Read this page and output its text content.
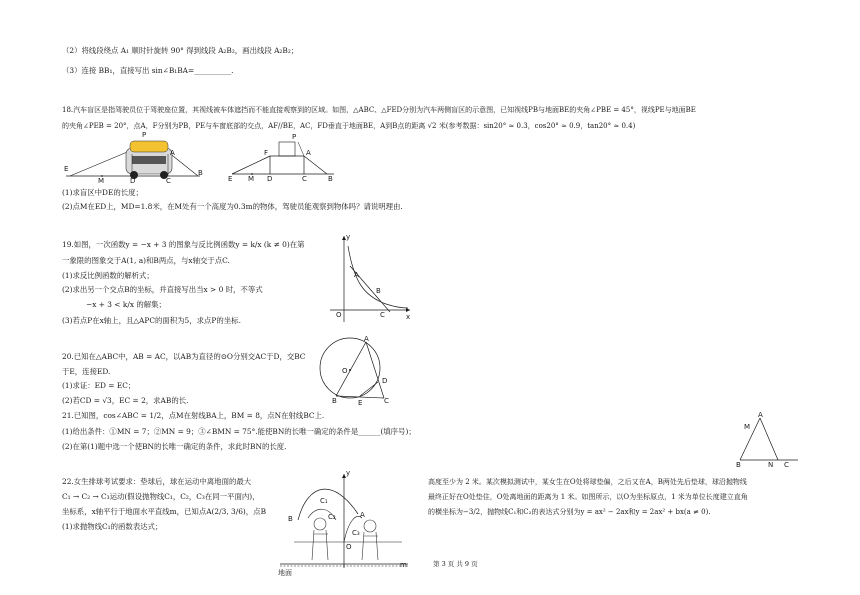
（2）将线段绕点 A₁ 顺时针旋转 90° 得到线段 A₂B₂，画出线段 A₂B₂；
（3）连接 BB₁，直接写出 sin∠B₁BA=__________.
18.汽车盲区是指驾驶员位于驾驶座位置，其视线被车体遮挡而不能直接观察到的区域。如图，△ABC、△FED分别为汽车两侧盲区的示意图，已知视线PB与地面BE的夹角∠PBE = 45°，视线PE与地面BE
的夹角∠PEB = 20°，点A，F分别为PB，PE与车窗底部的交点，AF//BE，AC，FD垂直于地面BE，A到B点的距离 √2 米(参考数据：sin20° ≈ 0.3，cos20° ≈ 0.9，tan20° ≈ 0.4)
E
M	D	C
B
A
P
E M D	C	B
F	A
P
(1)求盲区中DE的长度；
(2)点M在ED上，MD=1.8米，在M处有一个高度为0.3m的物体，驾驶员能观察到物体吗？请说明理由.
19.如图，一次函数y = −x + 3 的图象与反比例函数y = k/x (k ≠ 0)在第
一象限的图象交于A(1, a)和B两点，与x轴交于点C.
(1)求反比例函数的解析式；
(2)求出另一个交点B的坐标，并直接写出当x > 0 时，不等式
−x + 3 < k/x 的解集；
(3)若点P在x轴上，且△APC的面积为5，求点P的坐标.
y
x
O
A
B
C
20.已知在△ABC中，AB = AC，以AB为直径的⊙O分别交AC于D，交BC
于E，连接ED.
(1)求证：ED = EC；
(2)若CD = √3，EC = 2，求AB的长.
A
O
D
B	E	C
21.已知图，cos∠ABC = 1/2，点M在射线BA上，BM = 8，点N在射线BC上.
(1)给出条件：①MN = 7；②MN = 9；③∠BMN = 75°.能使BN的长唯一确定的条件是______(填序号)；
(2)在第(1)题中选一个使BN的长唯一确定的条件，求此时BN的长度.
A
M
B	N C
22.女生排球考试要求：垫球后，球在运动中离地面的最大
C₁ → C₂ → C₃运动(假设抛物线C₁，C₂，C₃在同一平面内)，
坐标系，x轴平行于地面水平直线m，已知点A(2/3, 3/6)，点B
(1)求抛物线C₁的函数表达式；
y
B	A
C₁
C₂
C₃
O
地面
m
高度至少为 2 米。某次模拟测试中，某女生在O处将球垫偏，之后又在A，B两处先后垫球，球沿抛物线
最终正好在O处垫住，O处离地面的距离为 1 米。如图所示，以O为坐标原点，1 米为单位长度建立直角
的横坐标为−3/2，抛物线C₁和C₂的表达式分别为y = ax² − 2ax和y = 2ax² + bx(a ≠ 0).
第 3 页 共 9 页
